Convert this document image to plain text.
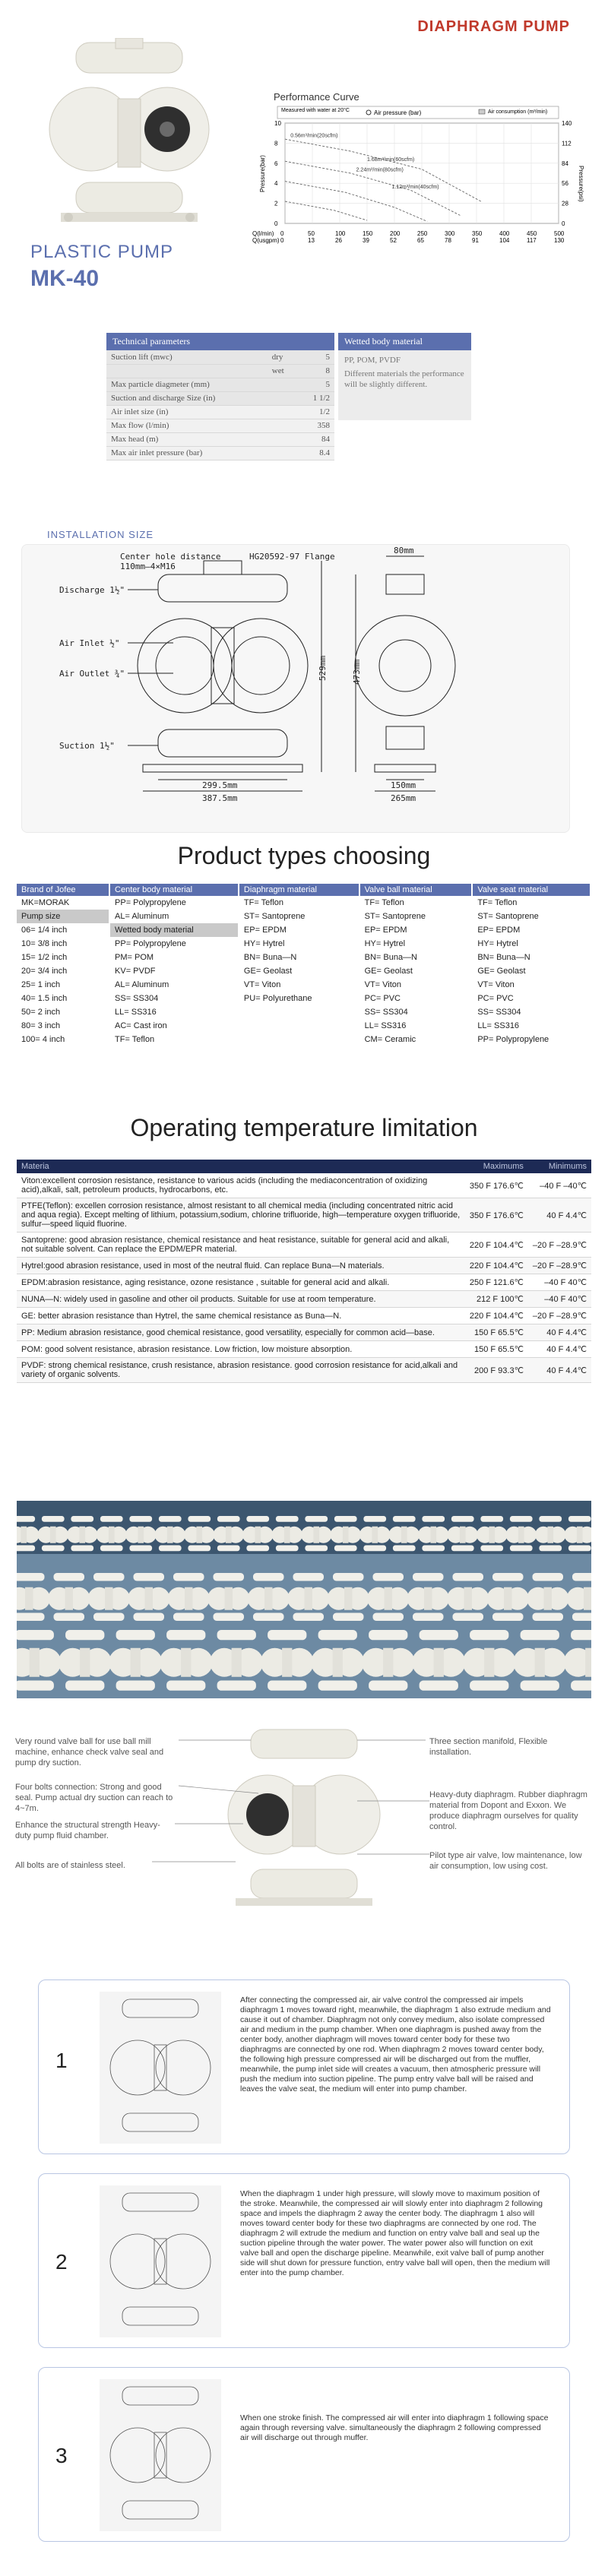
DIAPHRAGM PUMP
PLASTIC PUMP
MK-40
Performance Curve
Measured with water at 20°C	Air pressure (bar)	Air consumption (m³/min)
Pressure(bar)	Pressure(psi)
0.56m³/min(20scfm)
1.68m³/min(60scfm)
2.24m³/min(80scfm)
1.12m³/min(40scfm)
0
0
50
13
100
26
150
39
200
52
250
65
300
78
350
91
400
104
450
117
500
130
10	140
8	112
6	84
4	56
2	28
0	0
Q(l/min)
Q(usgpm)
Technical parameters		
Suction lift (mwc)	dry	5
	wet	8
Max particle diagmeter (mm)		5
Suction and discharge Size (in)		1 1/2
Air inlet size (in)		1/2
Max flow (l/min)		358
Max head (m)		84
Max air inlet pressure (bar)		8.4
Wetted body material
PP, POM, PVDF
Different materials the performance will be slightly different.
INSTALLATION SIZE
Center hole distance
110mm—4×M16
HG20592-97 Flange
Discharge 1½"
Air Inlet ½"
Air Outlet ¾"
Suction 1½"
80mm
529mm	473mm
299.5mm
387.5mm
150mm
265mm
Product types choosing
Brand of Jofee	Center body material	Diaphragm material	Valve ball material	Valve seat material
MK=MORAK	PP= Polypropylene	TF= Teflon	TF= Teflon	TF= Teflon
Pump size	AL= Aluminum	ST= Santoprene	ST= Santoprene	ST= Santoprene
06= 1/4 inch	Wetted body material	EP= EPDM	EP= EPDM	EP= EPDM
10= 3/8 inch	PP= Polypropylene	HY= Hytrel	HY= Hytrel	HY= Hytrel
15= 1/2 inch	PM= POM	BN= Buna—N	BN= Buna—N	BN= Buna—N
20= 3/4 inch	KV= PVDF	GE= Geolast	GE= Geolast	GE= Geolast
25= 1 inch	AL= Aluminum	VT= Viton	VT= Viton	VT= Viton
40= 1.5 inch	SS= SS304	PU= Polyurethane	PC= PVC	PC= PVC
50= 2 inch	LL= SS316		SS= SS304	SS= SS304
80= 3 inch	AC= Cast iron		LL= SS316	LL= SS316
100= 4 inch	TF= Teflon		CM= Ceramic	PP= Polypropylene
Operating temperature limitation
Materia	Maximums	Minimums
Viton:excellent corrosion resistance, resistance to various acids (including the mediaconcentration of oxidizing acid),alkali, salt, petroleum products, hydrocarbons, etc.	350 F 176.6℃	–40 F –40℃
PTFE(Teflon): excellen corrosion resistance, almost resistant to all chemical media (including concentrated nitric acid and aqua regia). Except melting of lithium, potassium,sodium, chlorine trifluoride, high—temperature oxygen trifluoride, sulfur—speed liquid fluorine.	350 F 176.6℃	40 F 4.4℃
Santoprene: good abrasion resistance, chemical resistance and heat resistance, suitable for general acid and alkali, not suitable solvent. Can replace the EPDM/EPR material.	220 F 104.4℃	–20 F –28.9℃
Hytrel:good abrasion resistance, used in most of the neutral fluid. Can replace Buna—N materials.	220 F 104.4℃	–20 F –28.9℃
EPDM:abrasion resistance, aging resistance, ozone resistance , suitable for general acid and alkali.	250 F 121.6℃	–40 F 40℃
NUNA—N: widely used in gasoline and other oil products. Suitable for use at room temperature.	212 F 100℃	–40 F 40℃
GE: better abrasion resistance than Hytrel, the same chemical resistance as Buna—N.	220 F 104.4℃	–20 F –28.9℃
PP: Medium abrasion resistance, good chemical resistance, good versatility, especially for common acid—base.	150 F 65.5℃	40 F 4.4℃
POM: good solvent resistance, abrasion resistance. Low friction, low moisture absorption.	150 F 65.5℃	40 F 4.4℃
PVDF: strong chemical resistance, crush resistance, abrasion resistance. good corrosion resistance for acid,alkali and variety of organic solvents.	200 F 93.3℃	40 F 4.4℃
Very round valve ball for use ball mill machine, enhance check valve seal and pump dry suction.
Four bolts connection: Strong and good seal. Pump actual dry suction can reach to 4~7m.
Enhance the structural strength Heavy-duty pump fluid chamber.
All bolts are of stainless steel.
Three section manifold, Flexible installation.
Heavy-duty diaphragm. Rubber diaphragm material from Dopont and Exxon. We produce diaphragm ourselves for quality control.
Pilot type air valve, low maintenance, low air consumption, low using cost.
1
After connecting the compressed air, air valve control the compressed air impels diaphragm 1 moves toward right, meanwhile, the diaphragm 1 also extrude medium and cause it out of chamber. Diaphragm not only convey medium, also isolate compressed air and medium in the pump chamber. When one diaphragm is pushed away from the center body, another diaphragm will moves toward center body for these two diaphragms are connected by one rod. When diaphragm 2 moves toward center body, the following high pressure compressed air will be discharged out from the muffler, meanwhile, the pump inlet side will creates a vacuum, then atmospheric pressure will push the medium into suction pipeline. The pump entry valve ball will be raised and leaves the valve seat, the medium will enter into pump chamber.
2
When the diaphragm 1 under high pressure, will slowly move to maximum position of the stroke. Meanwhile, the compressed air will slowly enter into diaphragm 2 following space and impels the diaphragm 2 away the center body. The diaphragm 1 also will moves toward center body for these two diaphragms are connected by one rod. The diaphragm 2 will extrude the medium and function on entry valve ball and seal up the suction pipeline through the water power. The water power also will function on exit valve ball and open the discharge pipeline. Meanwhile, exit valve ball of pump another side will shut down for pressure function, entry valve ball will open, then the medium will enter into the pump chamber.
3
When one stroke finish. The compressed air will enter into diaphragm 1 following space again through reversing valve. simultaneously the diaphragm 2 following compressed air will discharge out through muffer.
